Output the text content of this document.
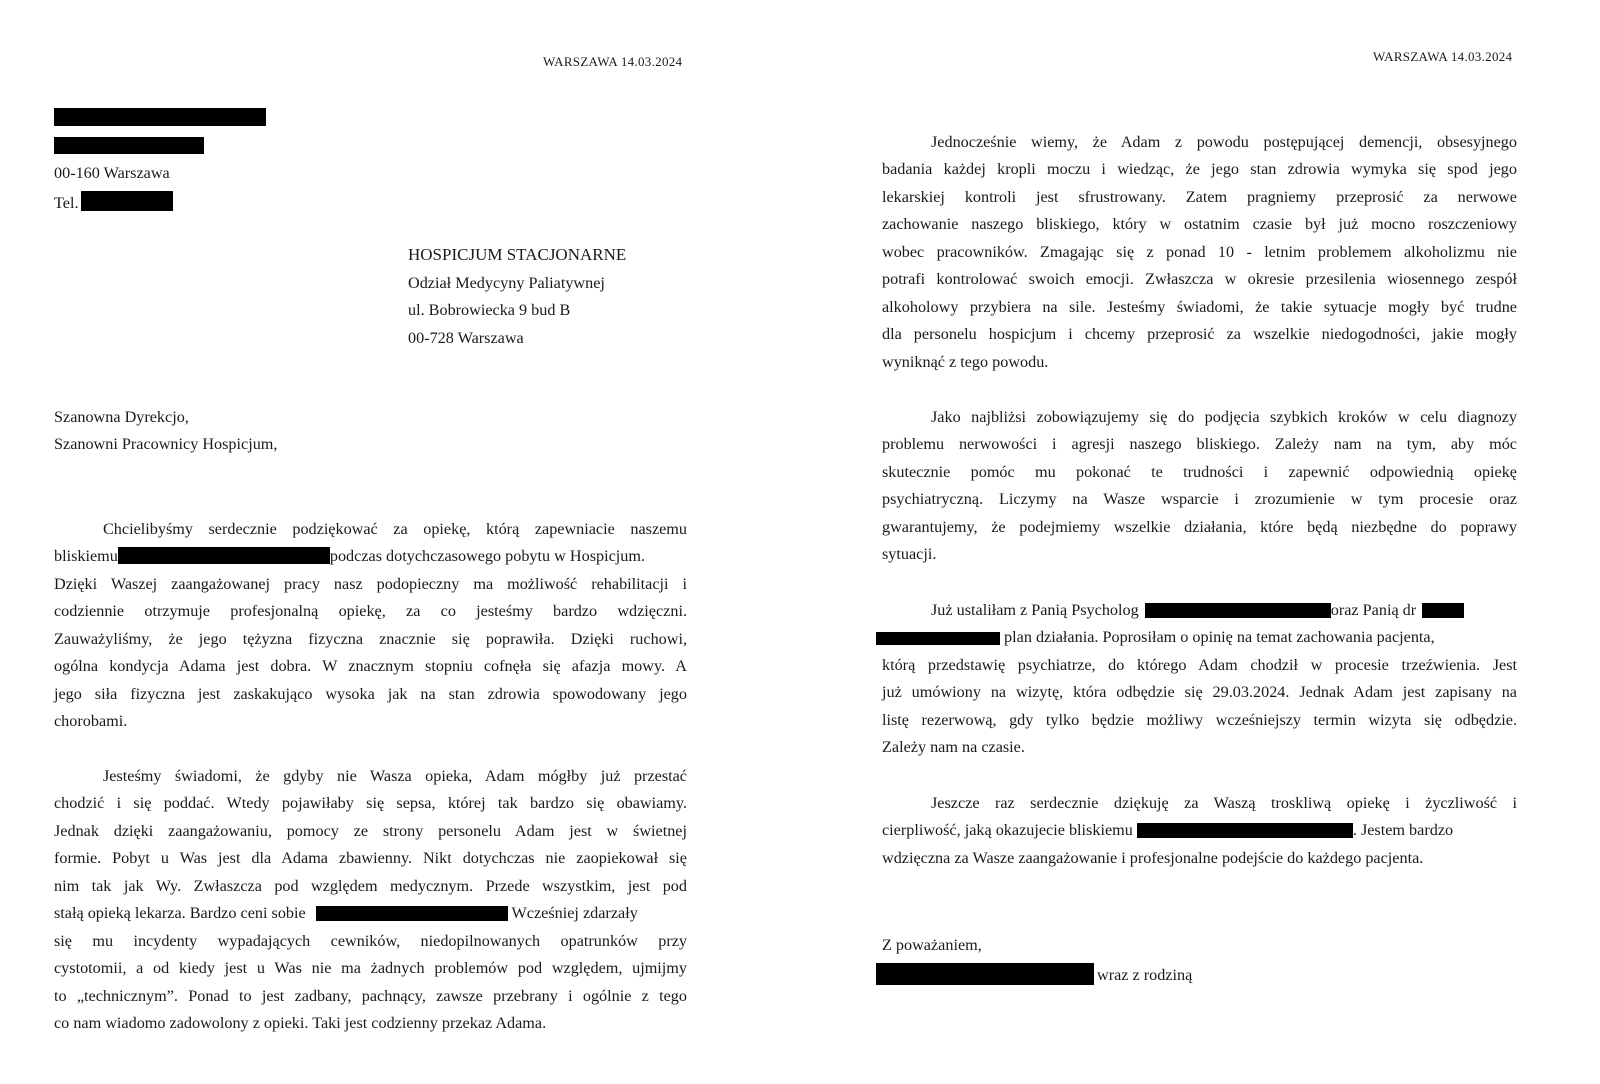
WARSZAWA 14.03.2024
00-160 Warszawa
Tel.
HOSPICJUM STACJONARNE
Odział Medycyny Paliatywnej
ul. Bobrowiecka 9 bud B
00-728 Warszawa
Szanowna Dyrekcjo,
Szanowni Pracownicy Hospicjum,
Chcielibyśmy serdecznie podziękować za opiekę, którą zapewniacie naszemu
bliskiemu	podczas dotychczasowego pobytu w Hospicjum.
Dzięki Waszej zaangażowanej pracy nasz podopieczny ma możliwość rehabilitacji i
codziennie otrzymuje profesjonalną opiekę, za co jesteśmy bardzo wdzięczni.
Zauważyliśmy, że jego tężyzna fizyczna znacznie się poprawiła. Dzięki ruchowi,
ogólna kondycja Adama jest dobra. W znacznym stopniu cofnęła się afazja mowy. A
jego siła fizyczna jest zaskakująco wysoka jak na stan zdrowia spowodowany jego
chorobami.
Jesteśmy świadomi, że gdyby nie Wasza opieka, Adam mógłby już przestać
chodzić i się poddać. Wtedy pojawiłaby się sepsa, której tak bardzo się obawiamy.
Jednak dzięki zaangażowaniu, pomocy ze strony personelu Adam jest w świetnej
formie. Pobyt u Was jest dla Adama zbawienny. Nikt dotychczas nie zaopiekował się
nim tak jak Wy. Zwłaszcza pod względem medycznym. Przede wszystkim, jest pod
stałą opieką lekarza. Bardzo ceni sobie	Wcześniej zdarzały
się mu incydenty wypadających cewników, niedopilnowanych opatrunków przy
cystotomii, a od kiedy jest u Was nie ma żadnych problemów pod względem, ujmijmy
to „technicznym”. Ponad to jest zadbany, pachnący, zawsze przebrany i ogólnie z tego
co nam wiadomo zadowolony z opieki. Taki jest codzienny przekaz Adama.
WARSZAWA 14.03.2024
Jednocześnie wiemy, że Adam z powodu postępującej demencji, obsesyjnego
badania każdej kropli moczu i wiedząc, że jego stan zdrowia wymyka się spod jego
lekarskiej kontroli jest sfrustrowany. Zatem pragniemy przeprosić za nerwowe
zachowanie naszego bliskiego, który w ostatnim czasie był już mocno roszczeniowy
wobec pracowników. Zmagając się z ponad 10 - letnim problemem alkoholizmu nie
potrafi kontrolować swoich emocji. Zwłaszcza w okresie przesilenia wiosennego zespół
alkoholowy przybiera na sile. Jesteśmy świadomi, że takie sytuacje mogły być trudne
dla personelu hospicjum i chcemy przeprosić za wszelkie niedogodności, jakie mogły
wyniknąć z tego powodu.
Jako najbliżsi zobowiązujemy się do podjęcia szybkich kroków w celu diagnozy
problemu nerwowości i agresji naszego bliskiego. Zależy nam na tym, aby móc
skutecznie pomóc mu pokonać te trudności i zapewnić odpowiednią opiekę
psychiatryczną. Liczymy na Wasze wsparcie i zrozumienie w tym procesie oraz
gwarantujemy, że podejmiemy wszelkie działania, które będą niezbędne do poprawy
sytuacji.
Już ustaliłam z Panią Psycholog	oraz Panią dr
plan działania. Poprosiłam o opinię na temat zachowania pacjenta,
którą przedstawię psychiatrze, do którego Adam chodził w procesie trzeźwienia. Jest
już umówiony na wizytę, która odbędzie się 29.03.2024. Jednak Adam jest zapisany na
listę rezerwową, gdy tylko będzie możliwy wcześniejszy termin wizyta się odbędzie.
Zależy nam na czasie.
Jeszcze raz serdecznie dziękuję za Waszą troskliwą opiekę i życzliwość i
cierpliwość, jaką okazujecie bliskiemu	. Jestem bardzo
wdzięczna za Wasze zaangażowanie i profesjonalne podejście do każdego pacjenta.
Z poważaniem,
wraz z rodziną
